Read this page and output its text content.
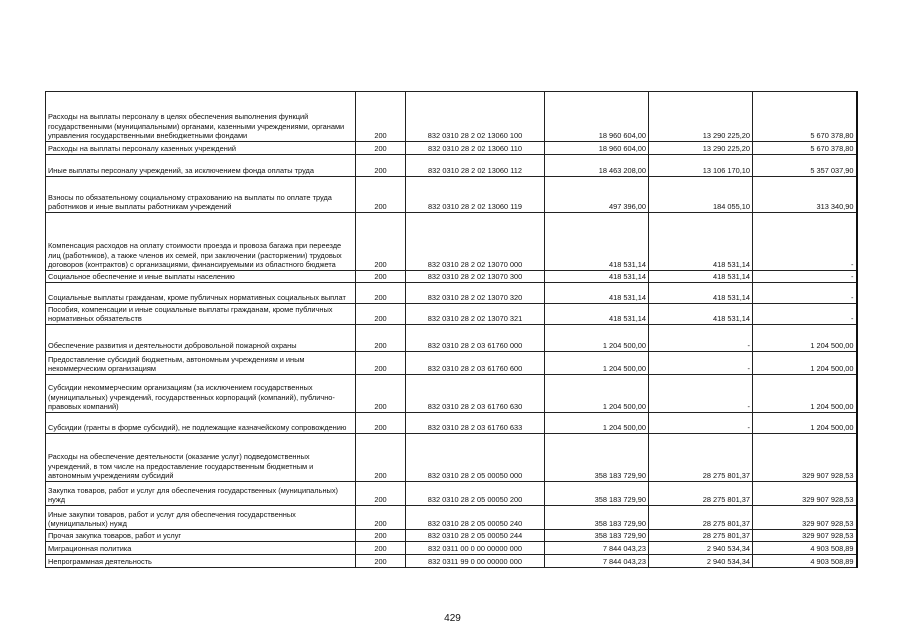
Расходы на выплаты персоналу в целях обеспечения выполнения функций государственными (муниципальными) органами, казенными учреждениями, органами управления государственными внебюджетными фондами	200	832 0310 28 2 02 13060 100	18 960 604,00	13 290 225,20	5 670 378,80
Расходы на выплаты персоналу казенных учреждений	200	832 0310 28 2 02 13060 110	18 960 604,00	13 290 225,20	5 670 378,80
Иные выплаты персоналу учреждений, за исключением фонда оплаты труда	200	832 0310 28 2 02 13060 112	18 463 208,00	13 106 170,10	5 357 037,90
Взносы по обязательному социальному страхованию на выплаты по оплате труда работников и иные выплаты работникам учреждений	200	832 0310 28 2 02 13060 119	497 396,00	184 055,10	313 340,90
Компенсация расходов на оплату стоимости проезда и провоза багажа при переезде лиц (работников), а также членов их семей, при заключении (расторжении) трудовых договоров (контрактов) с организациями, финансируемыми из областного бюджета	200	832 0310 28 2 02 13070 000	418 531,14	418 531,14	-
Социальное обеспечение и иные выплаты населению	200	832 0310 28 2 02 13070 300	418 531,14	418 531,14	-
Социальные выплаты гражданам, кроме публичных нормативных социальных выплат	200	832 0310 28 2 02 13070 320	418 531,14	418 531,14	-
Пособия, компенсации и иные социальные выплаты гражданам, кроме публичных нормативных обязательств	200	832 0310 28 2 02 13070 321	418 531,14	418 531,14	-
Обеспечение развития и деятельности добровольной пожарной охраны	200	832 0310 28 2 03 61760 000	1 204 500,00	-	1 204 500,00
Предоставление субсидий бюджетным, автономным учреждениям и иным некоммерческим организациям	200	832 0310 28 2 03 61760 600	1 204 500,00	-	1 204 500,00
Субсидии некоммерческим организациям (за исключением государственных (муниципальных) учреждений, государственных корпораций (компаний), публично-правовых компаний)	200	832 0310 28 2 03 61760 630	1 204 500,00	-	1 204 500,00
Субсидии (гранты в форме субсидий), не подлежащие казначейскому сопровождению	200	832 0310 28 2 03 61760 633	1 204 500,00	-	1 204 500,00
Расходы на обеспечение деятельности (оказание услуг) подведомственных учреждений, в том числе на предоставление государственным бюджетным и автономным учреждениям субсидий	200	832 0310 28 2 05 00050 000	358 183 729,90	28 275 801,37	329 907 928,53
Закупка товаров, работ и услуг для обеспечения государственных (муниципальных) нужд	200	832 0310 28 2 05 00050 200	358 183 729,90	28 275 801,37	329 907 928,53
Иные закупки товаров, работ и услуг для обеспечения государственных (муниципальных) нужд	200	832 0310 28 2 05 00050 240	358 183 729,90	28 275 801,37	329 907 928,53
Прочая закупка товаров, работ и услуг	200	832 0310 28 2 05 00050 244	358 183 729,90	28 275 801,37	329 907 928,53
Миграционная политика	200	832 0311 00 0 00 00000 000	7 844 043,23	2 940 534,34	4 903 508,89
Непрограммная деятельность	200	832 0311 99 0 00 00000 000	7 844 043,23	2 940 534,34	4 903 508,89
429
